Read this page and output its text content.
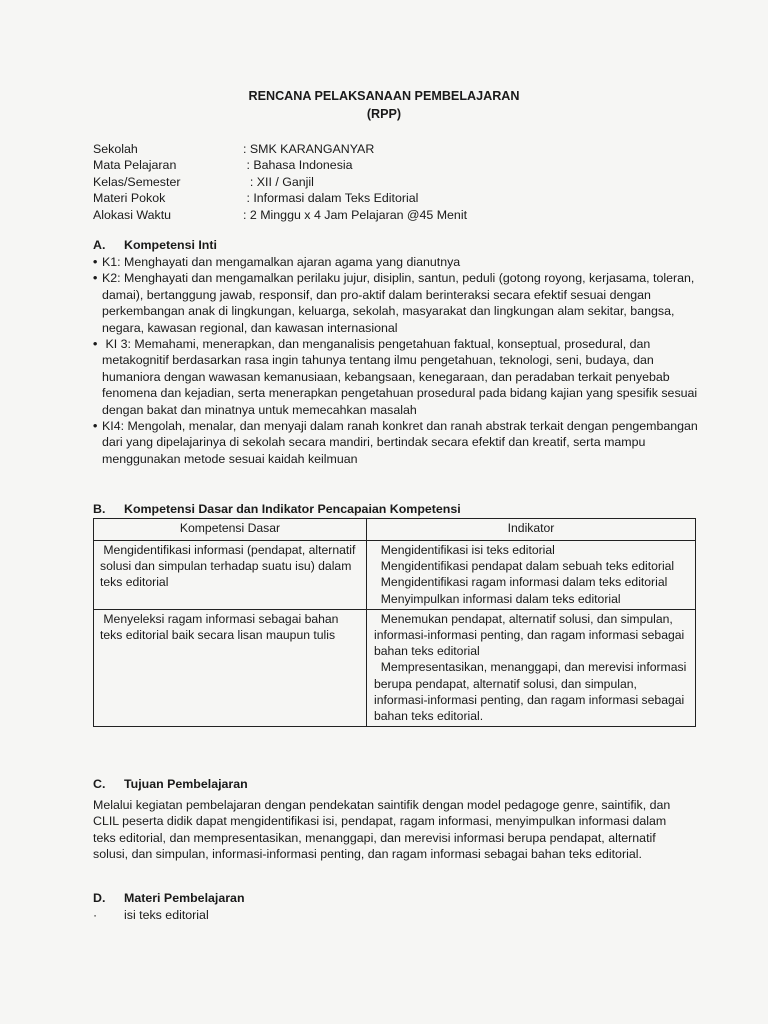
RENCANA PELAKSANAAN PEMBELAJARAN
(RPP)
Sekolah	: SMK KARANGANYAR
Mata Pelajaran	: Bahasa Indonesia
Kelas/Semester	: XII / Ganjil
Materi Pokok	: Informasi dalam Teks Editorial
Alokasi Waktu	: 2 Minggu x 4 Jam Pelajaran @45 Menit
A.	Kompetensi Inti
• K1: Menghayati dan mengamalkan ajaran agama yang dianutnya
• K2: Menghayati dan mengamalkan perilaku jujur, disiplin, santun, peduli (gotong royong, kerjasama, toleran, damai), bertanggung jawab, responsif, dan pro-aktif dalam berinteraksi secara efektif sesuai dengan perkembangan anak di lingkungan, keluarga, sekolah, masyarakat dan lingkungan alam sekitar, bangsa, negara, kawasan regional, dan kawasan internasional
• KI 3: Memahami, menerapkan, dan menganalisis pengetahuan faktual, konseptual, prosedural, dan metakognitif berdasarkan rasa ingin tahunya tentang ilmu pengetahuan, teknologi, seni, budaya, dan humaniora dengan wawasan kemanusiaan, kebangsaan, kenegaraan, dan peradaban terkait penyebab fenomena dan kejadian, serta menerapkan pengetahuan prosedural pada bidang kajian yang spesifik sesuai dengan bakat dan minatnya untuk memecahkan masalah
• KI4: Mengolah, menalar, dan menyaji dalam ranah konkret dan ranah abstrak terkait dengan pengembangan dari yang dipelajarinya di sekolah secara mandiri, bertindak secara efektif dan kreatif, serta mampu menggunakan metode sesuai kaidah keilmuan
B.	Kompetensi Dasar dan Indikator Pencapaian Kompetensi
Kompetensi Dasar	Indikator

Mengidentifikasi informasi (pendapat, alternatif solusi dan simpulan terhadap suatu isu) dalam teks editorial	Mengidentifikasi isi teks editorial
Mengidentifikasi pendapat dalam sebuah teks editorial
Mengidentifikasi ragam informasi dalam teks editorial
Menyimpulkan informasi dalam teks editorial

Menyeleksi ragam informasi sebagai bahan teks editorial baik secara lisan maupun tulis	Menemukan pendapat, alternatif solusi, dan simpulan, informasi-informasi penting, dan ragam informasi sebagai bahan teks editorial
Mempresentasikan, menanggapi, dan merevisi informasi berupa pendapat, alternatif solusi, dan simpulan, informasi-informasi penting, dan ragam informasi sebagai bahan teks editorial.
C.	Tujuan Pembelajaran
Melalui kegiatan pembelajaran dengan pendekatan saintifik dengan model pedagoge genre, saintifik, dan CLIL peserta didik dapat mengidentifikasi isi, pendapat, ragam informasi, menyimpulkan informasi dalam teks editorial, dan mempresentasikan, menanggapi, dan merevisi informasi berupa pendapat, alternatif solusi, dan simpulan, informasi-informasi penting, dan ragam informasi sebagai bahan teks editorial.
D.	Materi Pembelajaran
·	isi teks editorial
